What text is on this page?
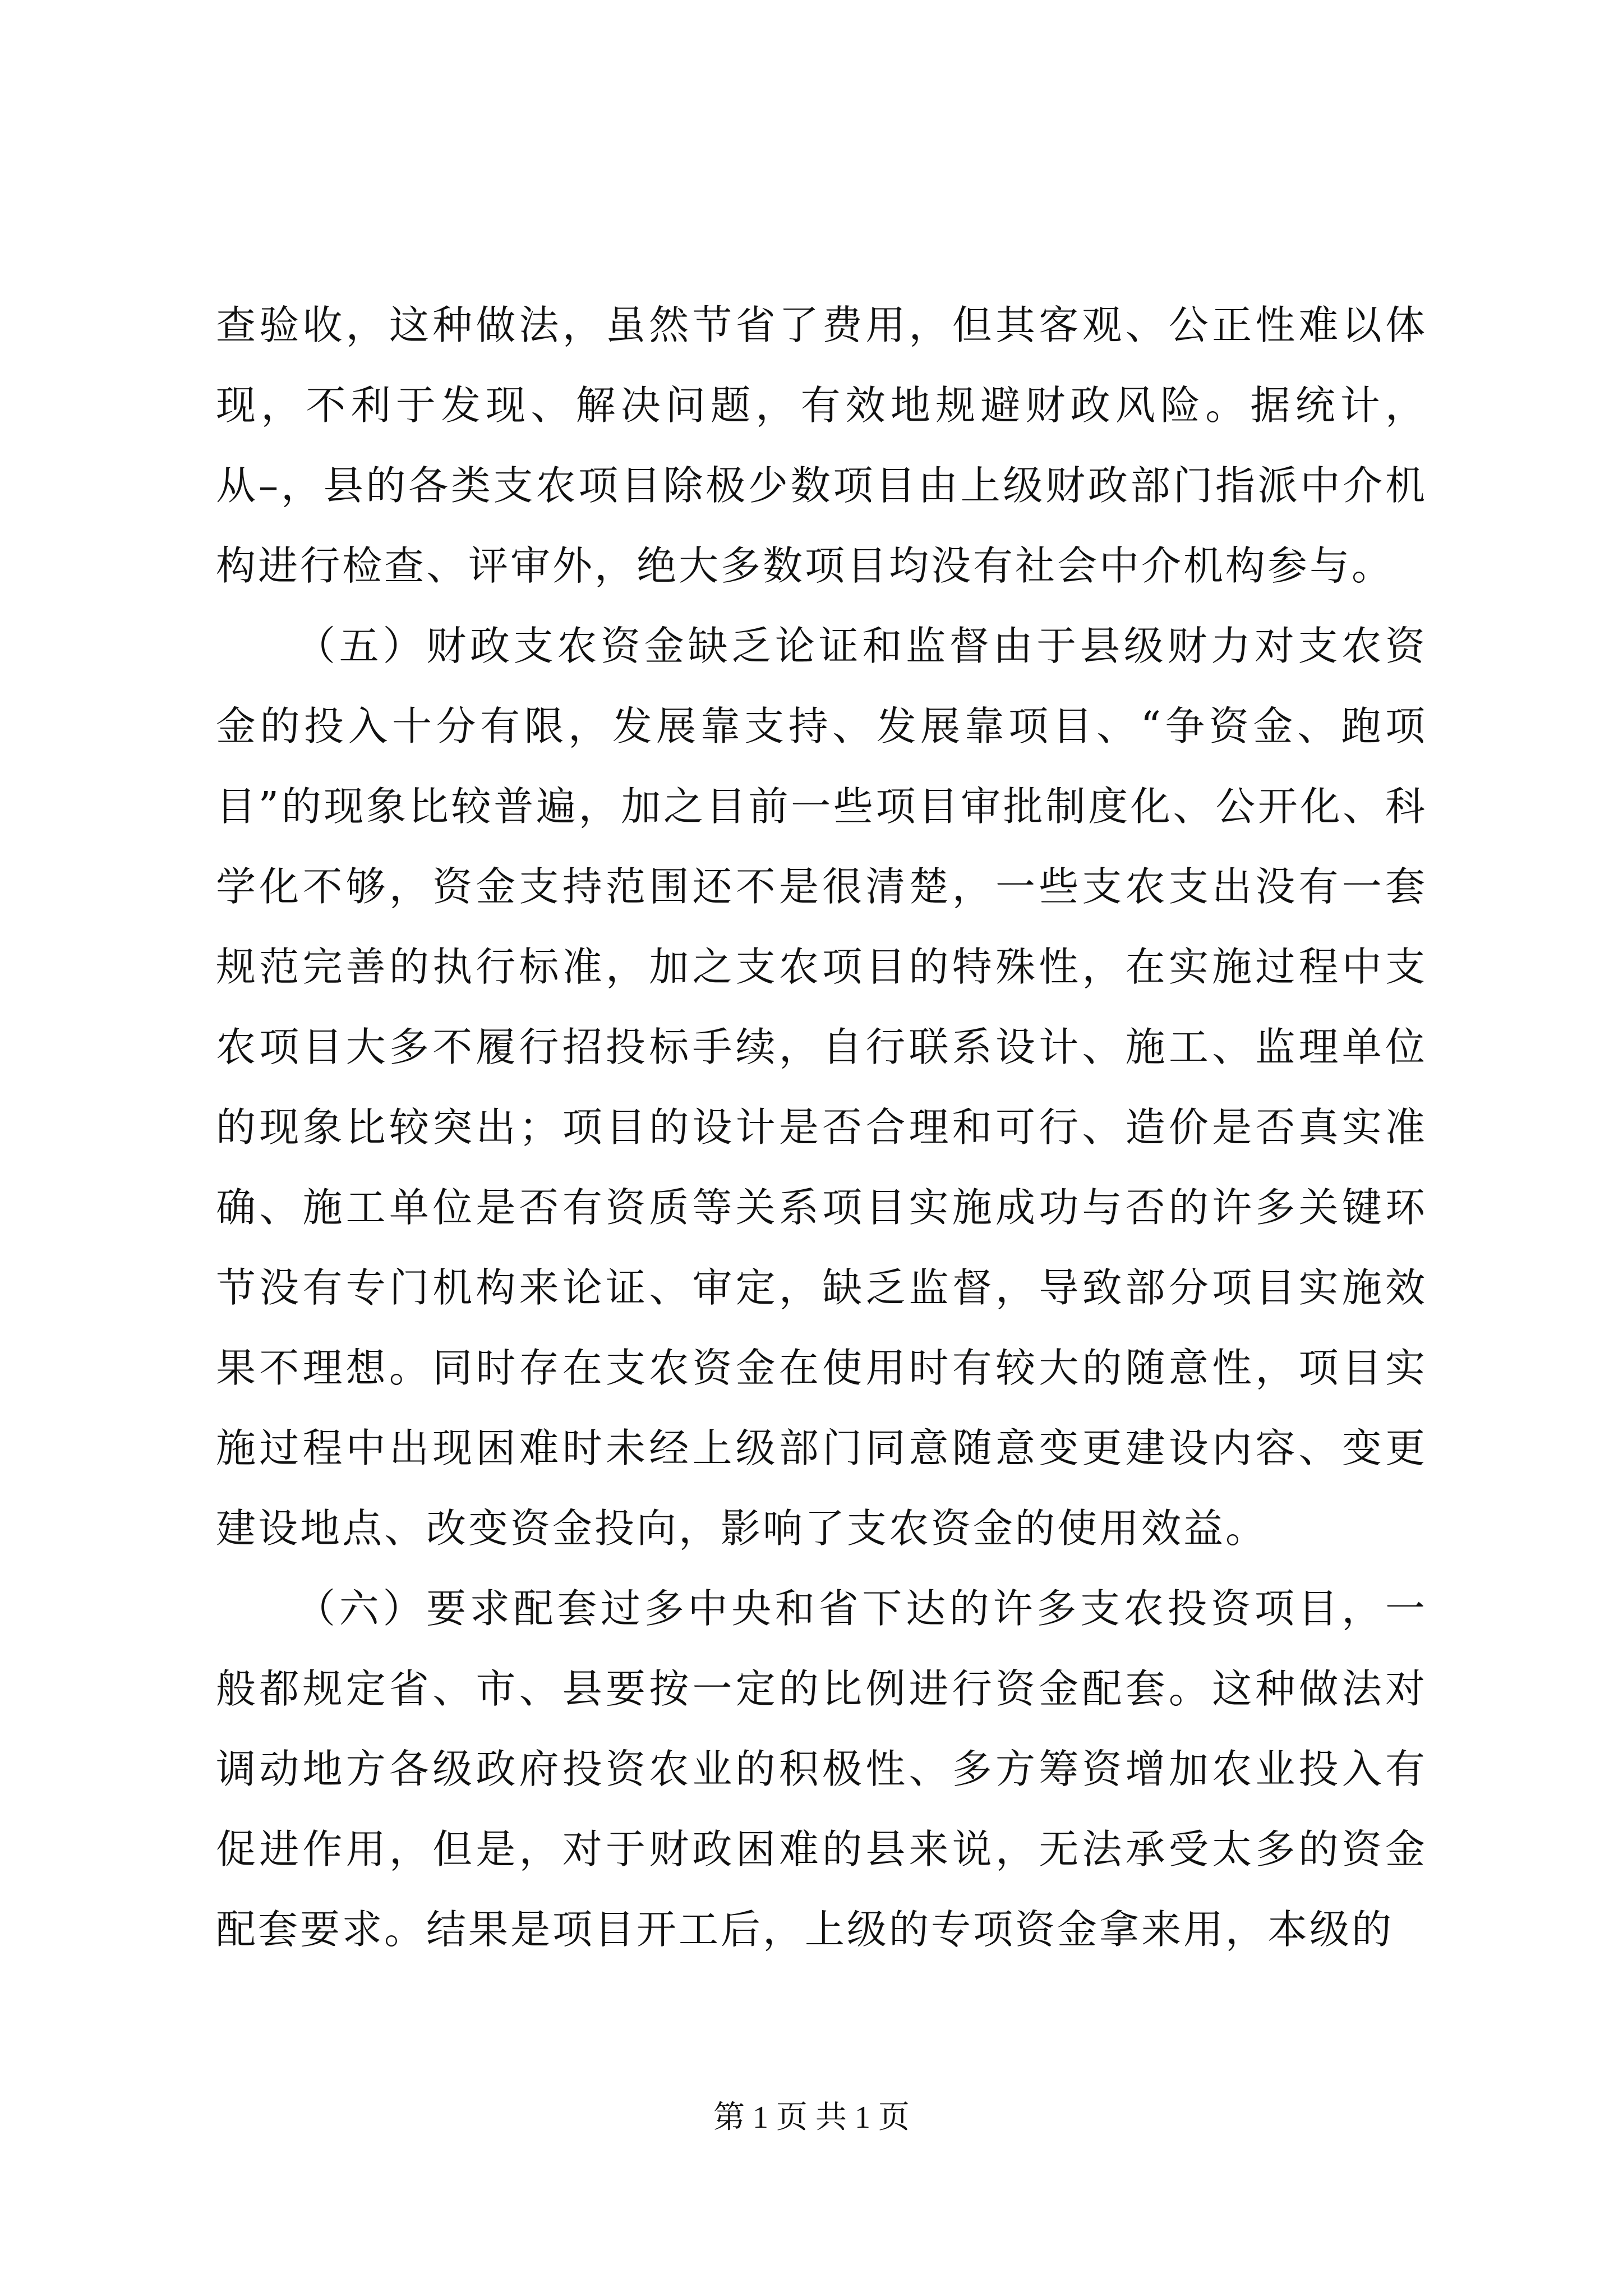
查验收，这种做法，虽然节省了费用，但其客观、公正性难以体现，不利于发现、解决问题，有效地规避财政风险。据统计，从–，县的各类支农项目除极少数项目由上级财政部门指派中介机构进行检查、评审外，绝大多数项目均没有社会中介机构参与。

（五）财政支农资金缺乏论证和监督由于县级财力对支农资金的投入十分有限，发展靠支持、发展靠项目、“争资金、跑项目”的现象比较普遍，加之目前一些项目审批制度化、公开化、科学化不够，资金支持范围还不是很清楚，一些支农支出没有一套规范完善的执行标准，加之支农项目的特殊性，在实施过程中支农项目大多不履行招投标手续，自行联系设计、施工、监理单位的现象比较突出；项目的设计是否合理和可行、造价是否真实准确、施工单位是否有资质等关系项目实施成功与否的许多关键环节没有专门机构来论证、审定，缺乏监督，导致部分项目实施效果不理想。同时存在支农资金在使用时有较大的随意性，项目实施过程中出现困难时未经上级部门同意随意变更建设内容、变更建设地点、改变资金投向，影响了支农资金的使用效益。

（六）要求配套过多中央和省下达的许多支农投资项目，一般都规定省、市、县要按一定的比例进行资金配套。这种做法对调动地方各级政府投资农业的积极性、多方筹资增加农业投入有促进作用，但是，对于财政困难的县来说，无法承受太多的资金配套要求。结果是项目开工后，上级的专项资金拿来用，本级的

第 1 页 共 1 页
